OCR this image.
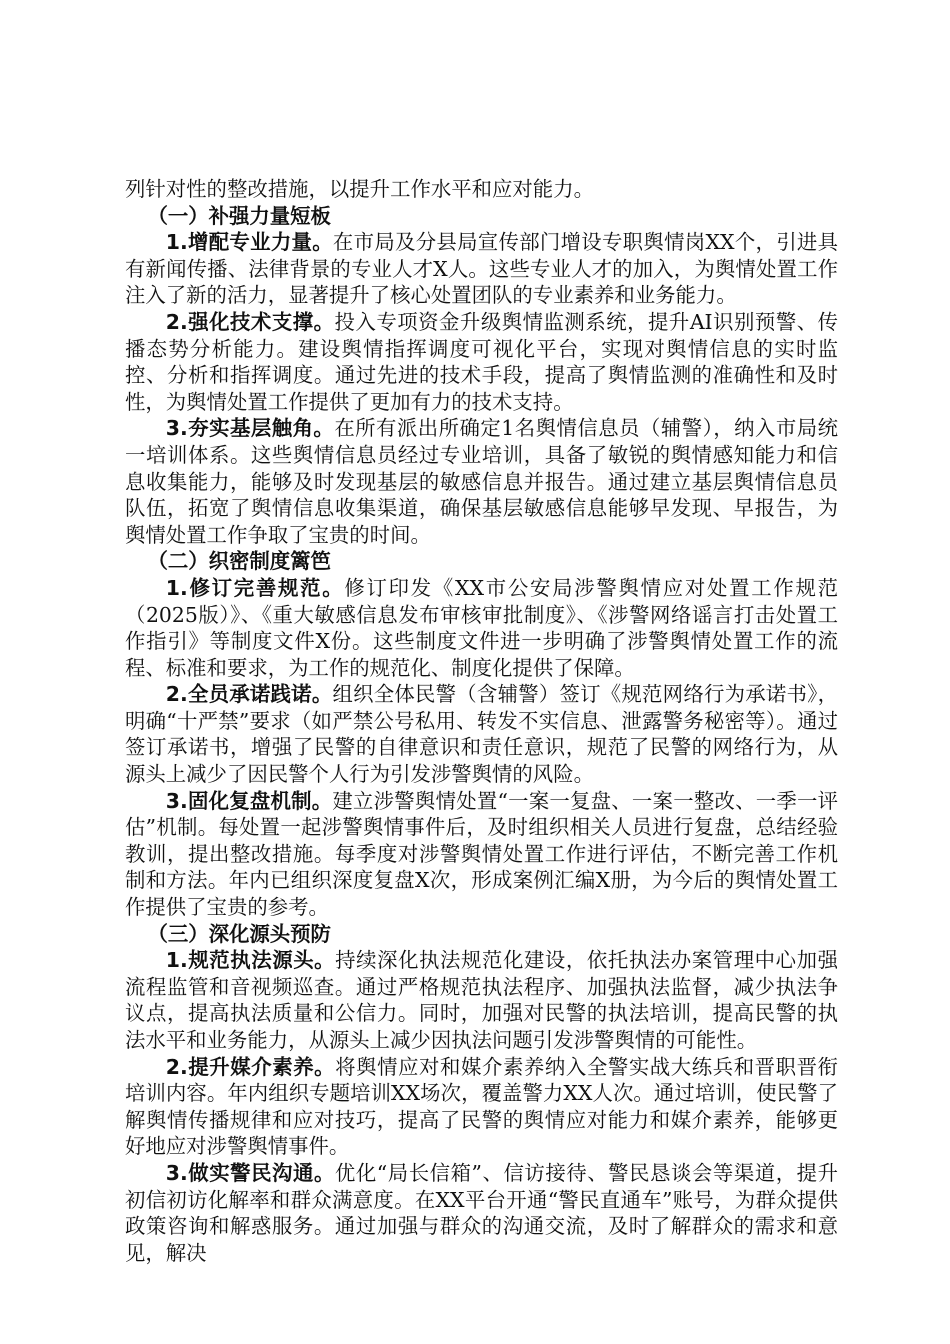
列针对性的整改措施，以提升工作水平和应对能力。

（一）补强力量短板

1.增配专业力量。在市局及分县局宣传部门增设专职舆情岗XX个，引进具有新闻传播、法律背景的专业人才X人。这些专业人才的加入，为舆情处置工作注入了新的活力，显著提升了核心处置团队的专业素养和业务能力。

2.强化技术支撑。投入专项资金升级舆情监测系统，提升AI识别预警、传播态势分析能力。建设舆情指挥调度可视化平台，实现对舆情信息的实时监控、分析和指挥调度。通过先进的技术手段，提高了舆情监测的准确性和及时性，为舆情处置工作提供了更加有力的技术支持。

3.夯实基层触角。在所有派出所确定1名舆情信息员（辅警），纳入市局统一培训体系。这些舆情信息员经过专业培训，具备了敏锐的舆情感知能力和信息收集能力，能够及时发现基层的敏感信息并报告。通过建立基层舆情信息员队伍，拓宽了舆情信息收集渠道，确保基层敏感信息能够早发现、早报告，为舆情处置工作争取了宝贵的时间。

（二）织密制度篱笆

1.修订完善规范。修订印发《XX市公安局涉警舆情应对处置工作规范（2025版）》、《重大敏感信息发布审核审批制度》、《涉警网络谣言打击处置工作指引》等制度文件X份。这些制度文件进一步明确了涉警舆情处置工作的流程、标准和要求，为工作的规范化、制度化提供了保障。

2.全员承诺践诺。组织全体民警（含辅警）签订《规范网络行为承诺书》，明确“十严禁”要求（如严禁公号私用、转发不实信息、泄露警务秘密等）。通过签订承诺书，增强了民警的自律意识和责任意识，规范了民警的网络行为，从源头上减少了因民警个人行为引发涉警舆情的风险。

3.固化复盘机制。建立涉警舆情处置“一案一复盘、一案一整改、一季一评估”机制。每处置一起涉警舆情事件后，及时组织相关人员进行复盘，总结经验教训，提出整改措施。每季度对涉警舆情处置工作进行评估，不断完善工作机制和方法。年内已组织深度复盘X次，形成案例汇编X册，为今后的舆情处置工作提供了宝贵的参考。

（三）深化源头预防

1.规范执法源头。持续深化执法规范化建设，依托执法办案管理中心加强流程监管和音视频巡查。通过严格规范执法程序、加强执法监督，减少执法争议点，提高执法质量和公信力。同时，加强对民警的执法培训，提高民警的执法水平和业务能力，从源头上减少因执法问题引发涉警舆情的可能性。

2.提升媒介素养。将舆情应对和媒介素养纳入全警实战大练兵和晋职晋衔培训内容。年内组织专题培训XX场次，覆盖警力XX人次。通过培训，使民警了解舆情传播规律和应对技巧，提高了民警的舆情应对能力和媒介素养，能够更好地应对涉警舆情事件。

3.做实警民沟通。优化“局长信箱”、信访接待、警民恳谈会等渠道，提升初信初访化解率和群众满意度。在XX平台开通“警民直通车”账号，为群众提供政策咨询和解惑服务。通过加强与群众的沟通交流，及时了解群众的需求和意见，解决
